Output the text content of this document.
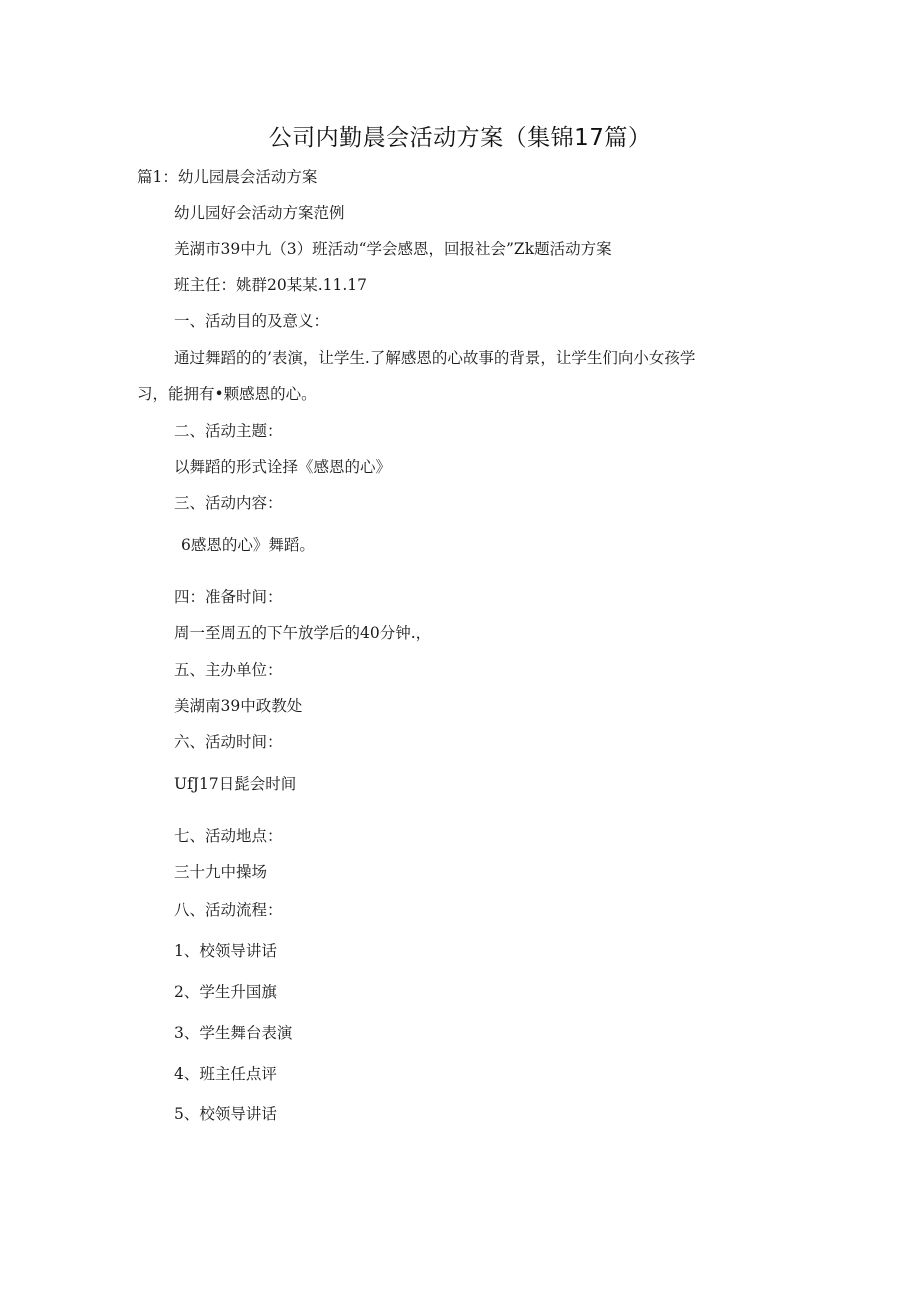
公司内勤晨会活动方案（集锦17篇）
篇1：幼儿园晨会活动方案
幼儿园好会活动方案范例
羌湖市39中九（3）班活动“学会感恩，回报社会”Zk题活动方案
班主任：姚群20某某.11.17
一、活动目的及意义：
通过舞蹈的的’表演，让学生.了解感恩的心故事的背景，让学生们向小女孩学
习，能拥有•颗感恩的心。
二、活动主题：
以舞蹈的形式诠择《感恩的心》
三、活动内容：
6感恩的心》舞蹈。
四：准备时间：
周一至周五的下午放学后的40分钟.，
五、主办单位：
美湖南39中政教处
六、活动时间：
UfJ17日髭会时间
七、活动地点：
三十九中操场
八、活动流程：
1、校领导讲话
2、学生升国旗
3、学生舞台表演
4、班主任点评
5、校领导讲话
